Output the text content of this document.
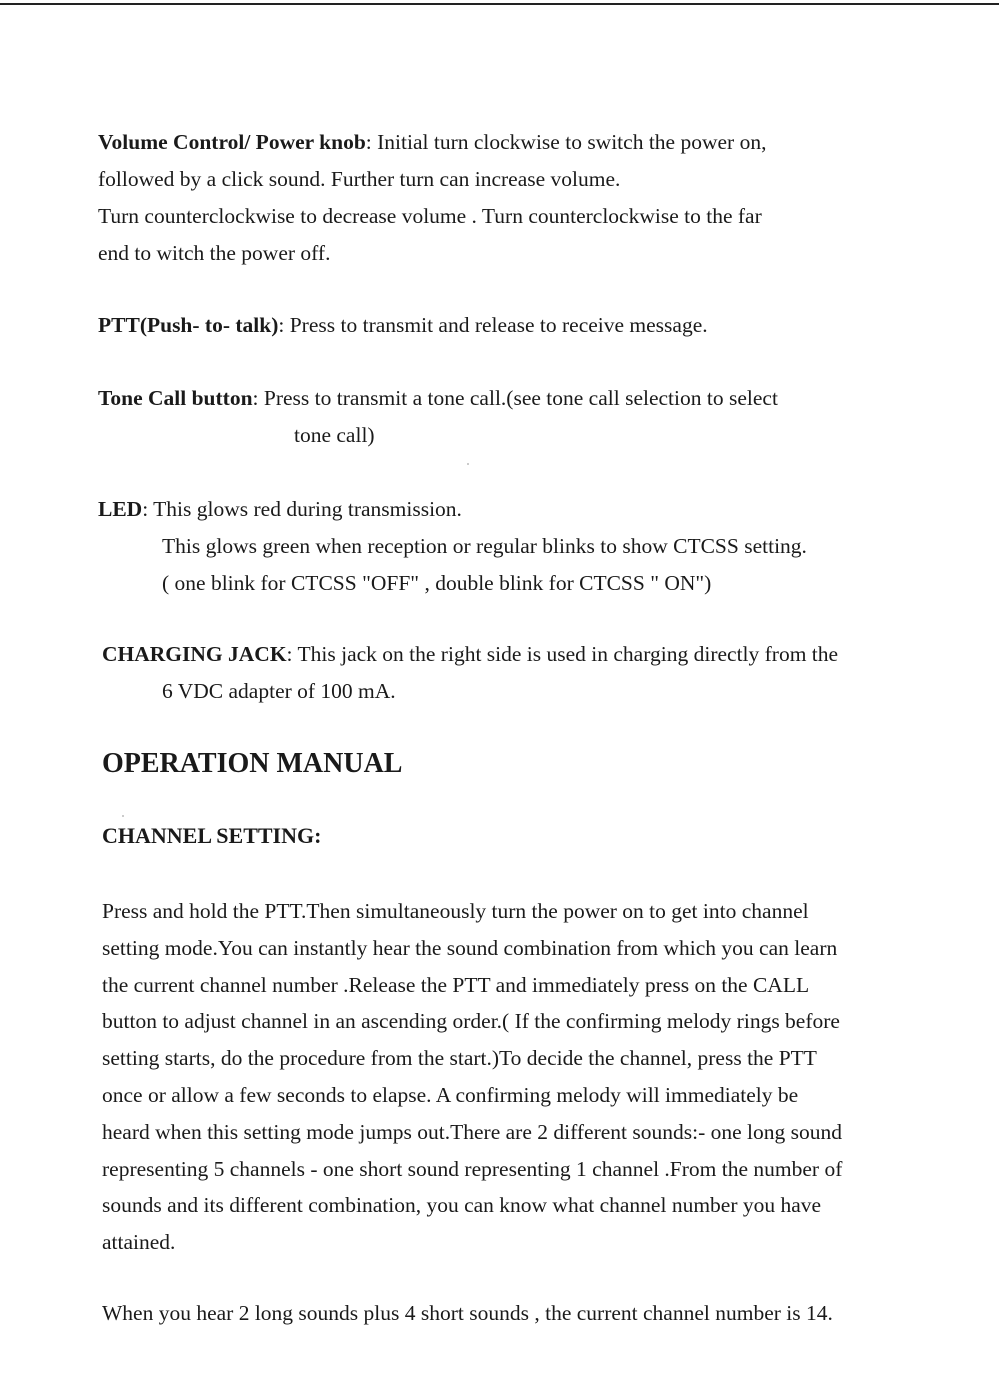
Volume Control/ Power knob: Initial turn clockwise to switch the power on,
followed by a click sound. Further turn can increase volume.
Turn counterclockwise to decrease volume . Turn counterclockwise to the far
end to witch the power off.
PTT(Push- to- talk): Press to transmit and release to receive message.
Tone Call button: Press to transmit a tone call.(see tone call selection to select
tone call)
LED: This glows red during transmission.
This glows green when reception or regular blinks to show CTCSS setting.
( one blink for CTCSS "OFF" , double blink for CTCSS " ON")
CHARGING JACK: This jack on the right side is used in charging directly from the
6 VDC adapter of 100 mA.
OPERATION MANUAL
CHANNEL SETTING:
Press and hold the PTT.Then simultaneously turn the power on to get into channel
setting mode.You can instantly hear the sound combination from which you can learn
the current channel number .Release the PTT and immediately press on the CALL
button to adjust channel in an ascending order.( If the confirming melody rings before
setting starts, do the procedure from the start.)To decide the channel, press the PTT
once or allow a few seconds to elapse. A confirming melody will immediately be
heard when this setting mode jumps out.There are 2 different sounds:- one long sound
representing 5 channels - one short sound representing 1 channel .From the number of
sounds and its different combination, you can know what channel number you have
attained.
When you hear 2 long sounds plus 4 short sounds , the current channel number is 14.
